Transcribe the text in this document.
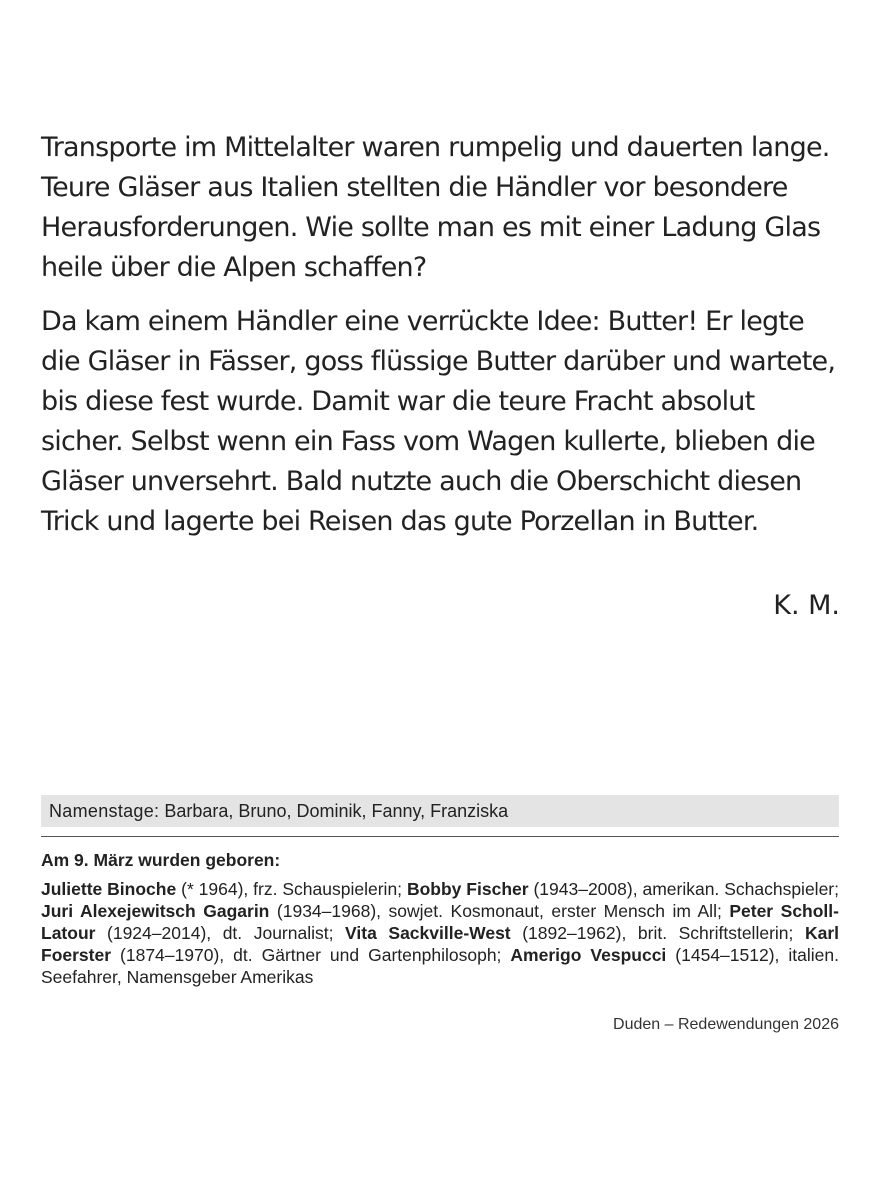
Transporte im Mittelalter waren rumpelig und dauerten lange. Teure Gläser aus Italien stellten die Händler vor besondere Herausforderungen. Wie sollte man es mit einer Ladung Glas heile über die Alpen schaffen?

Da kam einem Händler eine verrückte Idee: Butter! Er legte die Gläser in Fässer, goss flüssige Butter darüber und wartete, bis diese fest wurde. Damit war die teure Fracht absolut sicher. Selbst wenn ein Fass vom Wagen kullerte, blieben die Gläser unversehrt. Bald nutzte auch die Oberschicht diesen Trick und lagerte bei Reisen das gute Porzellan in Butter.

K. M.
Namenstage: Barbara, Bruno, Dominik, Fanny, Franziska
Am 9. März wurden geboren:
Juliette Binoche (* 1964), frz. Schauspielerin; Bobby Fischer (1943–2008), amerikan. Schachspieler; Juri Alexejewitsch Gagarin (1934–1968), sowjet. Kosmonaut, erster Mensch im All; Peter Scholl-Latour (1924–2014), dt. Journalist; Vita Sackville-West (1892–1962), brit. Schriftstellerin; Karl Foerster (1874–1970), dt. Gärtner und Gartenphilosoph; Amerigo Vespucci (1454–1512), italien. Seefahrer, Namensgeber Amerikas
Duden – Redewendungen 2026
